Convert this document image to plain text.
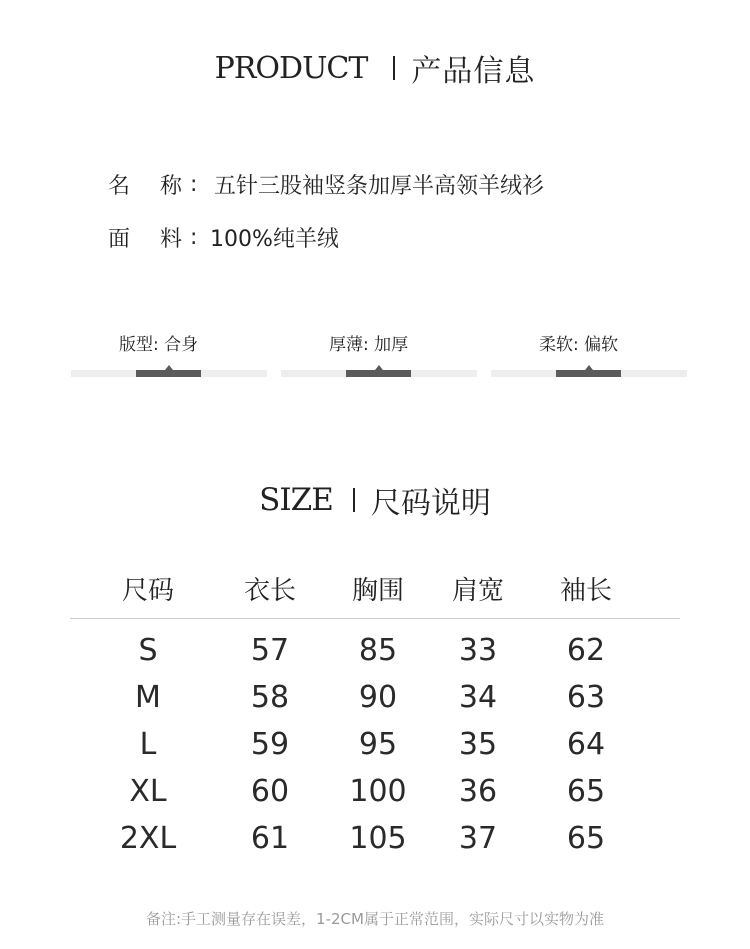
PRODUCT 产品信息
名	称 : 五针三股袖竖条加厚半高领羊绒衫
面	料 : 100%纯羊绒
版型: 合身	厚薄: 加厚	柔软: 偏软
SIZE 尺码说明
尺码	衣长	胸围	肩宽	袖长
S	57	85	33	62
M	58	90	34	63
L	59	95	35	64
XL	60	100	36	65
2XL	61	105	37	65
备注:手工测量存在误差，1-2CM属于正常范围，实际尺寸以实物为准
